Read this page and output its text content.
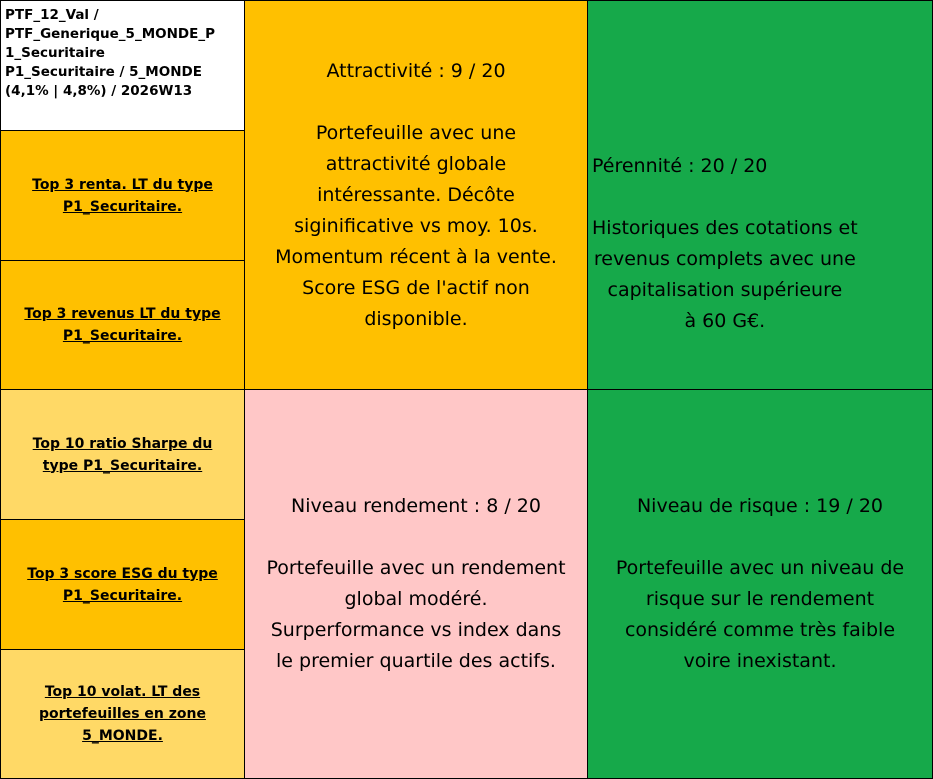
PTF_12_Val /
PTF_Generique_5_MONDE_P
1_Securitaire
P1_Securitaire / 5_MONDE
(4,1% | 4,8%) / 2026W13
Top 3 renta. LT du type
P1_Securitaire.
Top 3 revenus LT du type
P1_Securitaire.
Top 10 ratio Sharpe du
type P1_Securitaire.
Top 3 score ESG du type
P1_Securitaire.
Top 10 volat. LT des
portefeuilles en zone
5_MONDE.
Attractivité : 9 / 20
Portefeuille avec une
attractivité globale
intéressante. Décôte
siginificative vs moy. 10s.
Momentum récent à la vente.
Score ESG de l'actif non
disponible.
Pérennité : 20 / 20
Historiques des cotations et
revenus complets avec une
capitalisation supérieure
à 60 G€.
Niveau rendement : 8 / 20
Portefeuille avec un rendement
global modéré.
Surperformance vs index dans
le premier quartile des actifs.
Niveau de risque : 19 / 20
Portefeuille avec un niveau de
risque sur le rendement
considéré comme très faible
voire inexistant.
